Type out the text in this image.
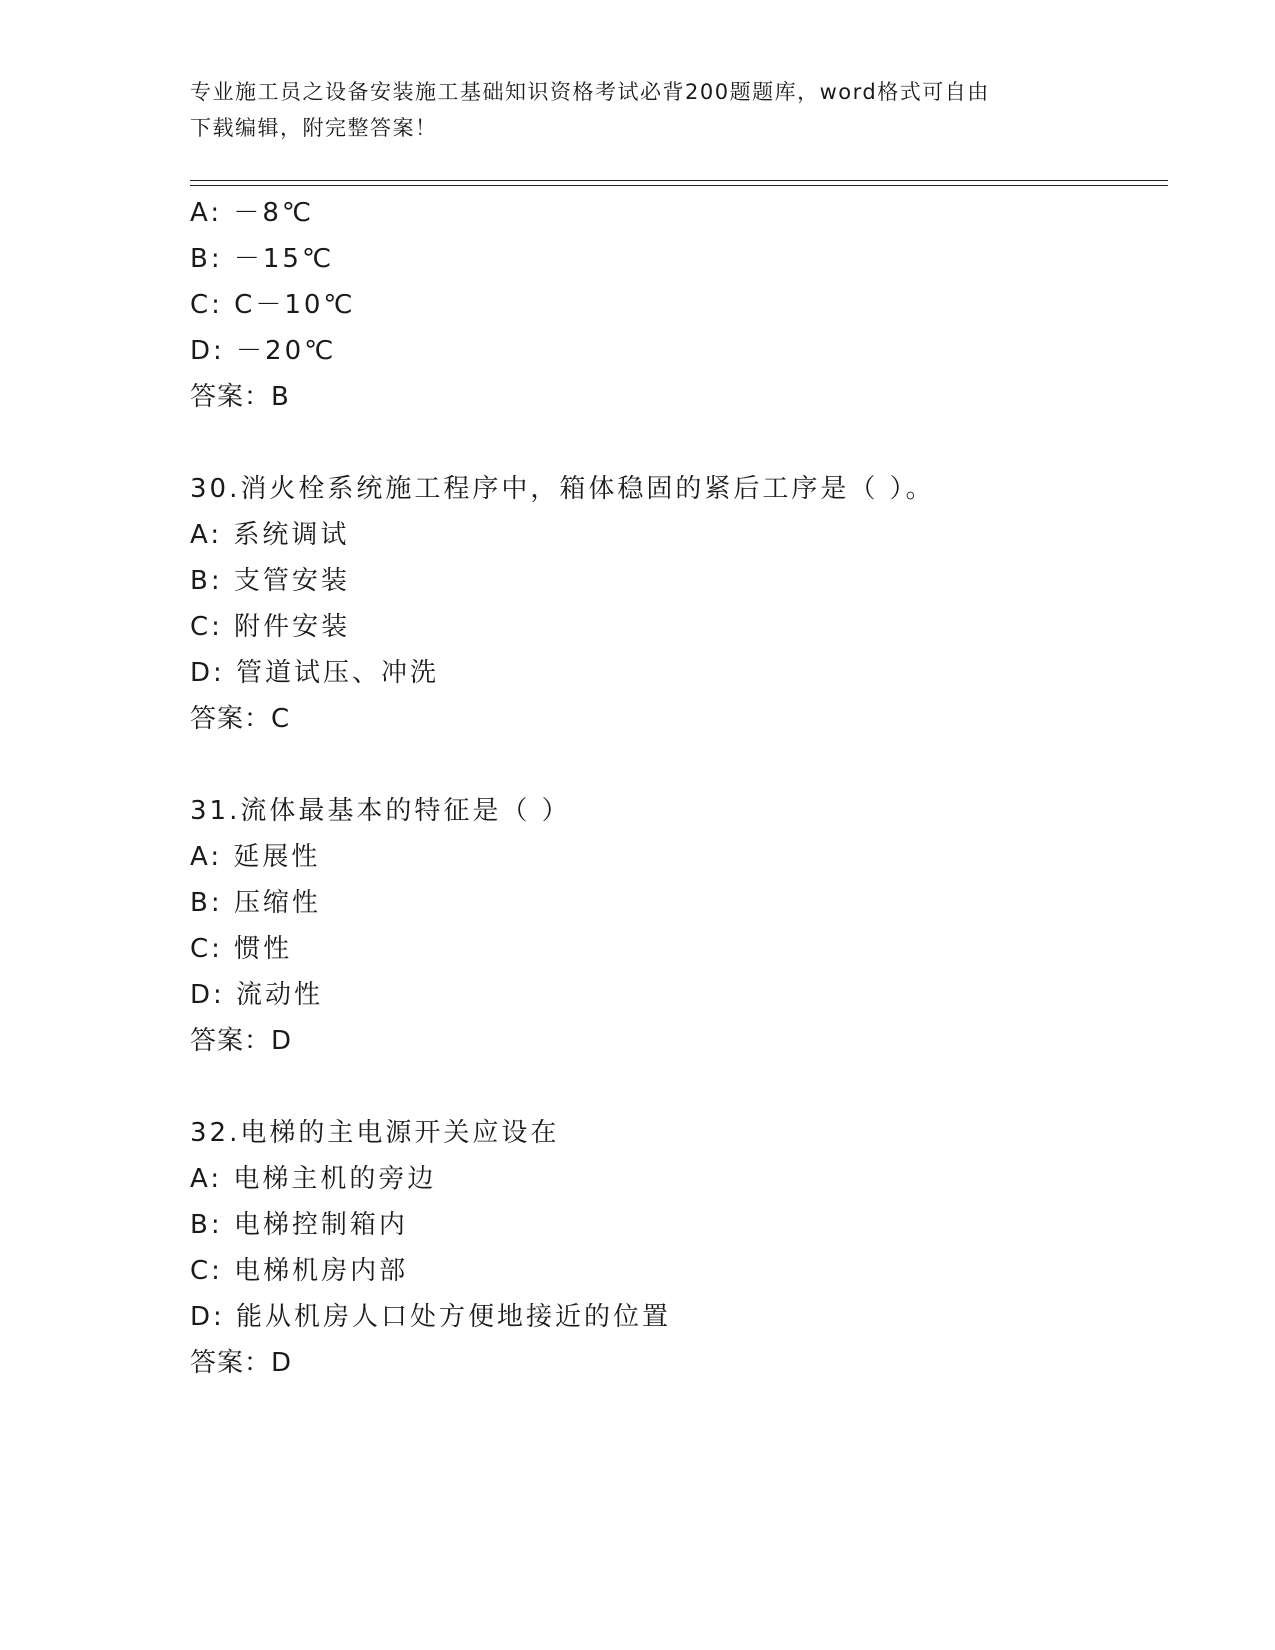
专业施工员之设备安装施工基础知识资格考试必背200题题库，word格式可自由
下载编辑，附完整答案！
A: －8℃
B: －15℃
C: C－10℃
D: －20℃
答案：B
30.消火栓系统施工程序中，箱体稳固的紧后工序是（ ）。
A: 系统调试
B: 支管安装
C: 附件安装
D: 管道试压、冲洗
答案：C
31.流体最基本的特征是（ ）
A: 延展性
B: 压缩性
C: 惯性
D: 流动性
答案：D
32.电梯的主电源开关应设在
A: 电梯主机的旁边
B: 电梯控制箱内
C: 电梯机房内部
D: 能从机房人口处方便地接近的位置
答案：D
